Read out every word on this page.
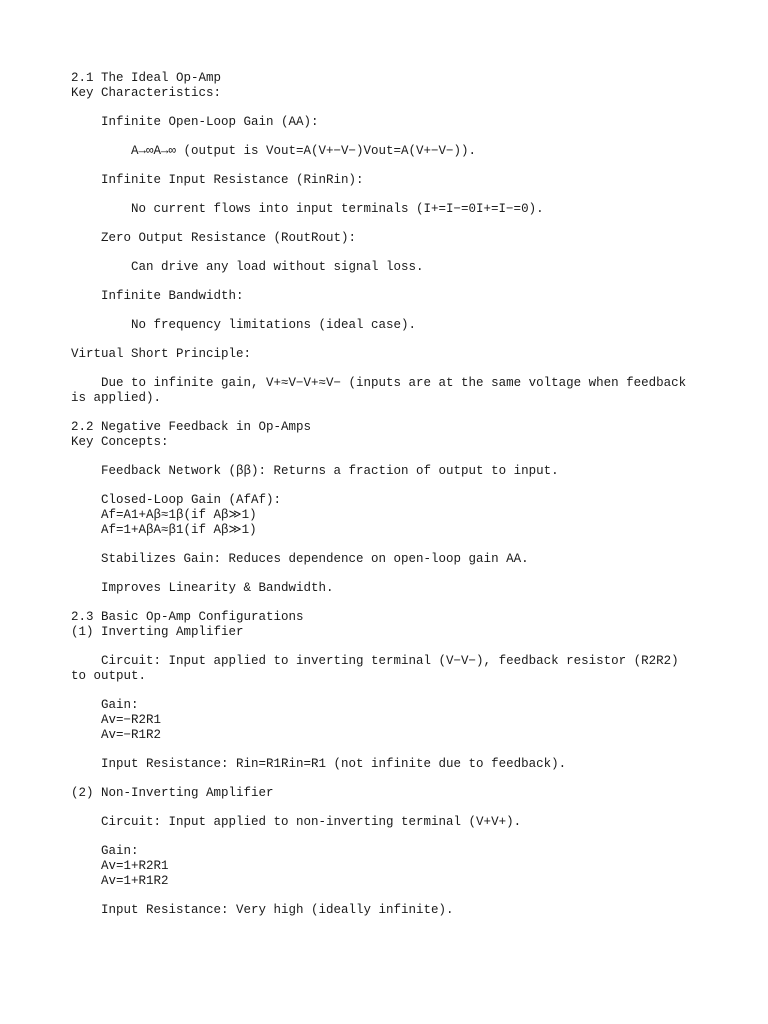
2.1 The Ideal Op-Amp
Key Characteristics:
Infinite Open-Loop Gain (AA):
A→∞A→∞ (output is Vout=A(V+−V−)Vout=A(V+−V−)).
Infinite Input Resistance (RinRin):
No current flows into input terminals (I+=I−=0I+=I−=0).
Zero Output Resistance (RoutRout):
Can drive any load without signal loss.
Infinite Bandwidth:
No frequency limitations (ideal case).
Virtual Short Principle:
Due to infinite gain, V+≈V−V+≈V− (inputs are at the same voltage when feedback is applied).
2.2 Negative Feedback in Op-Amps
Key Concepts:
Feedback Network (ββ): Returns a fraction of output to input.
Closed-Loop Gain (AfAf):
Af=A1+Aβ≈1β(if Aβ≫1)
Af=1+AβA≈β1(if Aβ≫1)
Stabilizes Gain: Reduces dependence on open-loop gain AA.
Improves Linearity & Bandwidth.
2.3 Basic Op-Amp Configurations
(1) Inverting Amplifier
Circuit: Input applied to inverting terminal (V−V−), feedback resistor (R2R2) to output.
Gain:
Av=−R2R1
Av=−R1R2
Input Resistance: Rin=R1Rin=R1 (not infinite due to feedback).
(2) Non-Inverting Amplifier
Circuit: Input applied to non-inverting terminal (V+V+).
Gain:
Av=1+R2R1
Av=1+R1R2
Input Resistance: Very high (ideally infinite).
